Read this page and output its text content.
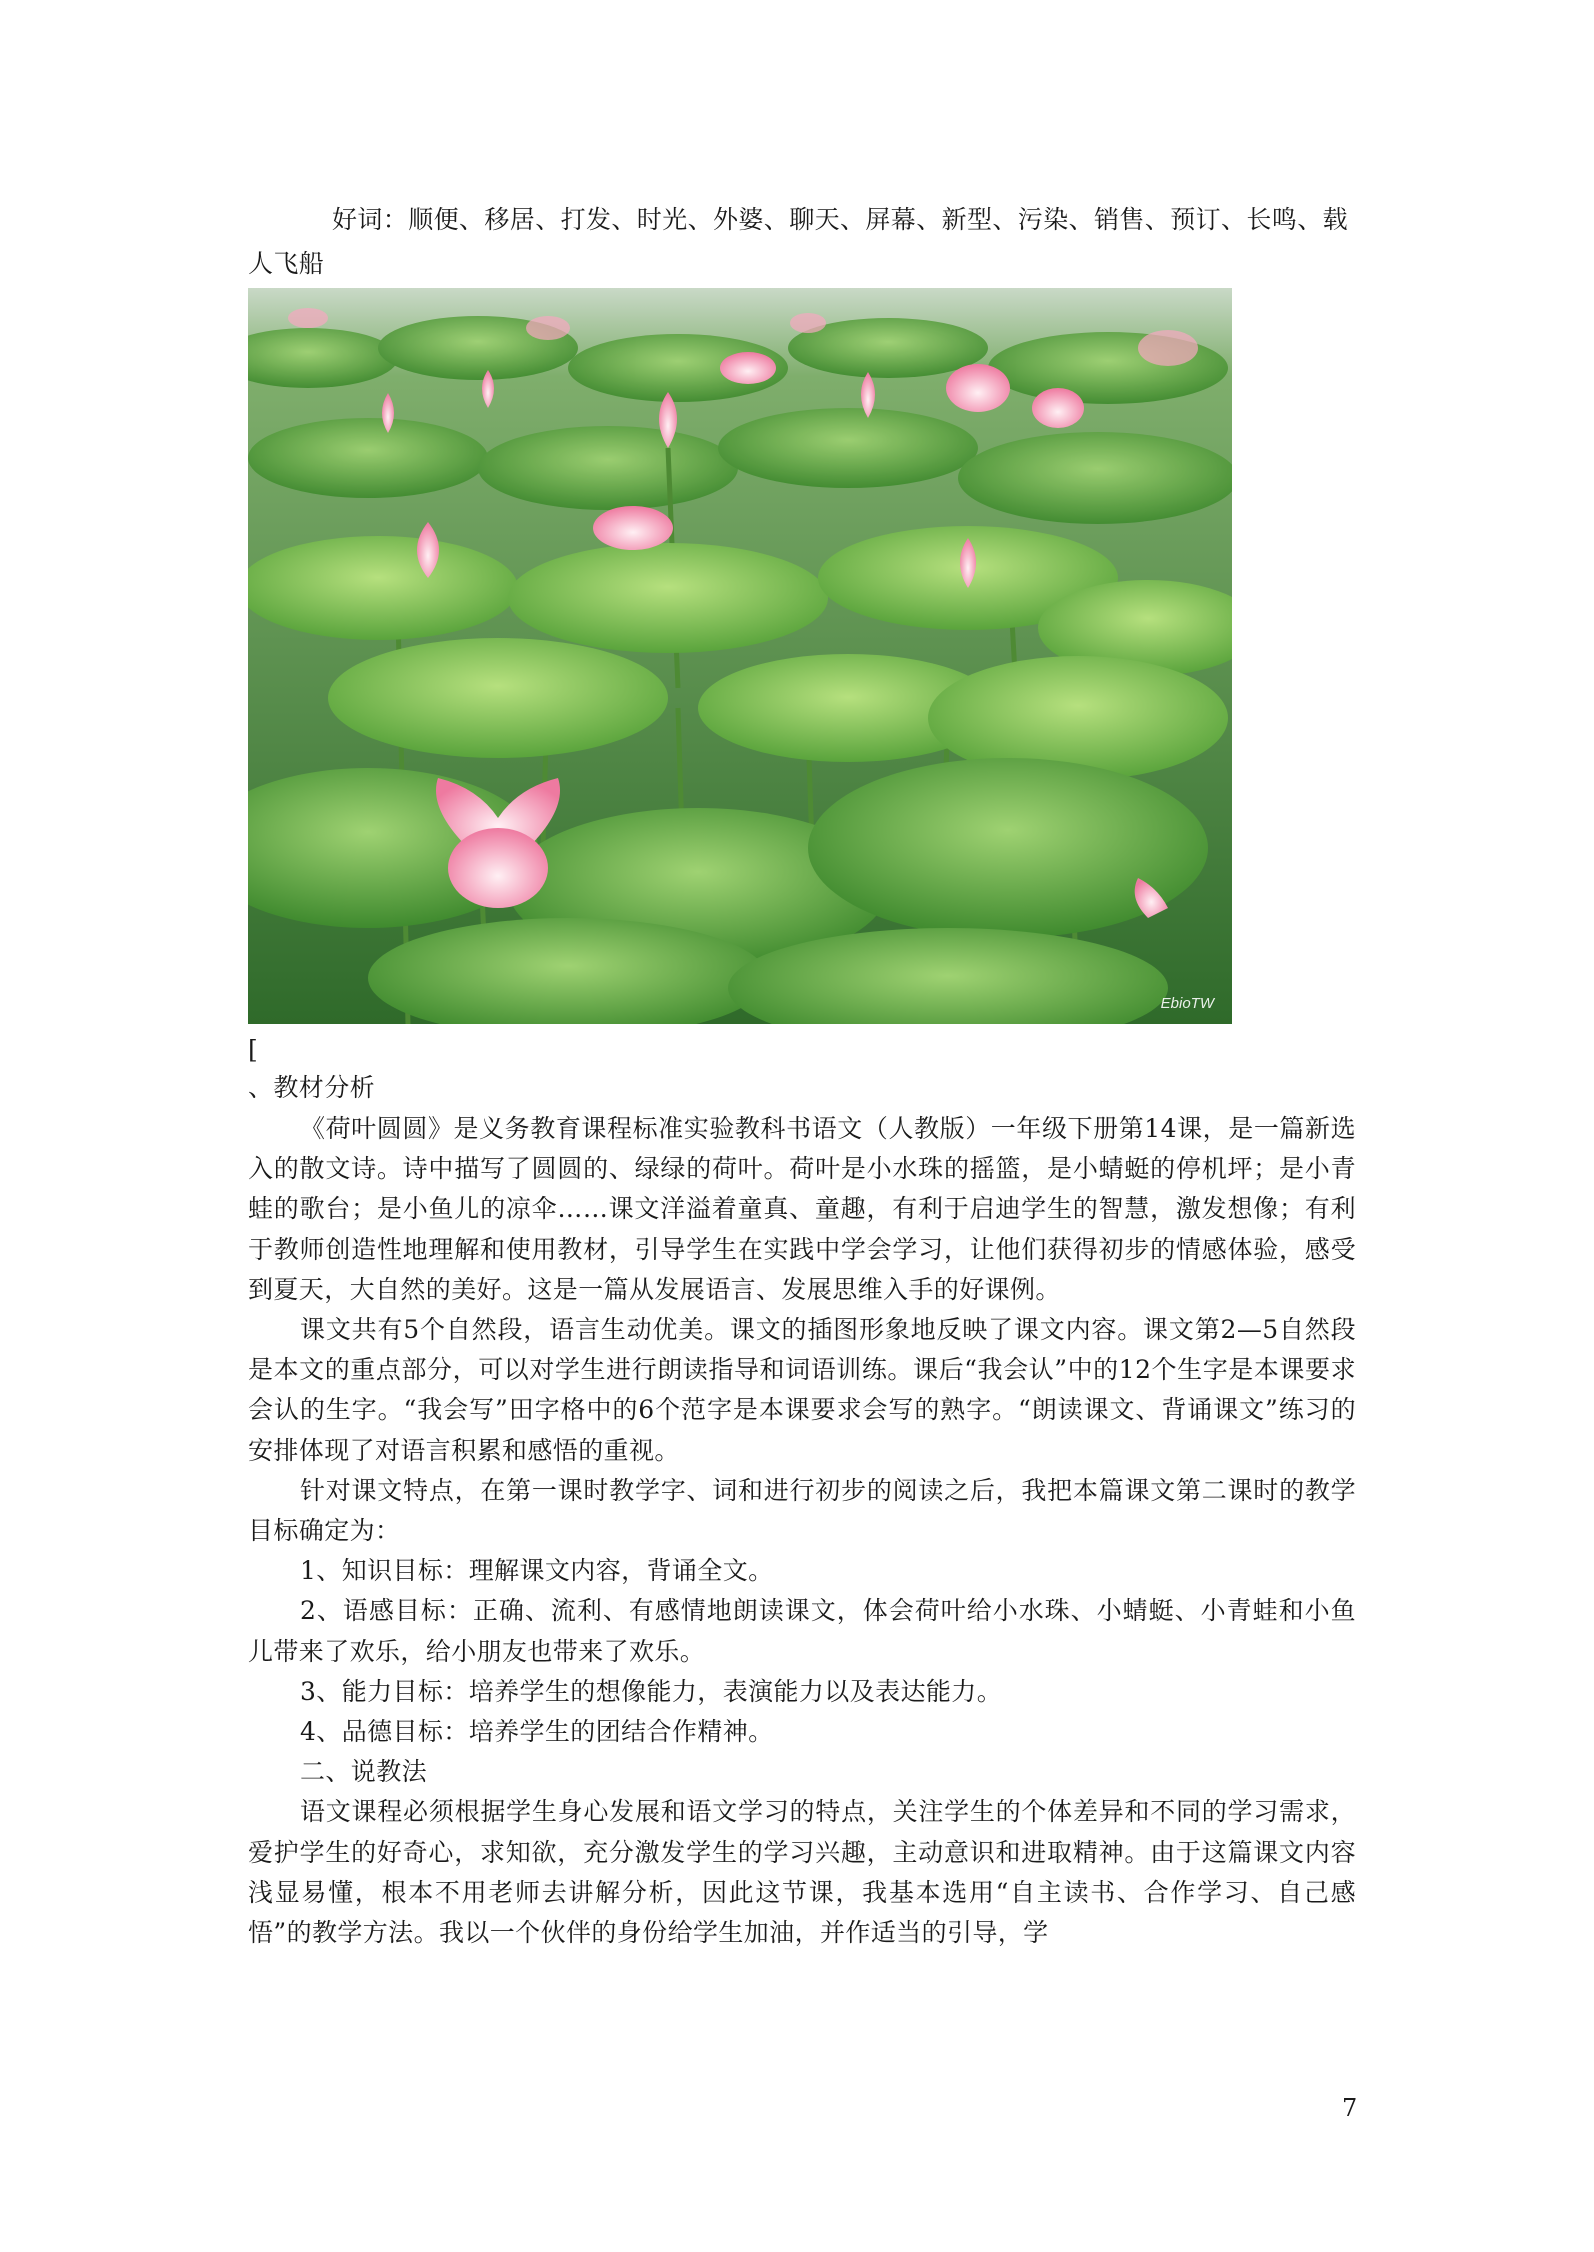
好词：顺便、移居、打发、时光、外婆、聊天、屏幕、新型、污染、销售、预订、长鸣、载人飞船
EbioTW
[
、教材分析

《荷叶圆圆》是义务教育课程标准实验教科书语文（人教版）一年级下册第14课，是一篇新选入的散文诗。诗中描写了圆圆的、绿绿的荷叶。荷叶是小水珠的摇篮，是小蜻蜓的停机坪；是小青蛙的歌台；是小鱼儿的凉伞……课文洋溢着童真、童趣，有利于启迪学生的智慧，激发想像；有利于教师创造性地理解和使用教材，引导学生在实践中学会学习，让他们获得初步的情感体验，感受到夏天，大自然的美好。这是一篇从发展语言、发展思维入手的好课例。

课文共有5个自然段，语言生动优美。课文的插图形象地反映了课文内容。课文第2—5自然段是本文的重点部分，可以对学生进行朗读指导和词语训练。课后“我会认”中的12个生字是本课要求会认的生字。“我会写”田字格中的6个范字是本课要求会写的熟字。“朗读课文、背诵课文”练习的安排体现了对语言积累和感悟的重视。

针对课文特点，在第一课时教学字、词和进行初步的阅读之后，我把本篇课文第二课时的教学目标确定为：

1、知识目标：理解课文内容，背诵全文。

2、语感目标：正确、流利、有感情地朗读课文，体会荷叶给小水珠、小蜻蜓、小青蛙和小鱼儿带来了欢乐，给小朋友也带来了欢乐。

3、能力目标：培养学生的想像能力，表演能力以及表达能力。

4、品德目标：培养学生的团结合作精神。

二、说教法

语文课程必须根据学生身心发展和语文学习的特点，关注学生的个体差异和不同的学习需求，爱护学生的好奇心，求知欲，充分激发学生的学习兴趣，主动意识和进取精神。由于这篇课文内容浅显易懂，根本不用老师去讲解分析，因此这节课，我基本选用“自主读书、合作学习、自己感悟”的教学方法。我以一个伙伴的身份给学生加油，并作适当的引导，学

7
